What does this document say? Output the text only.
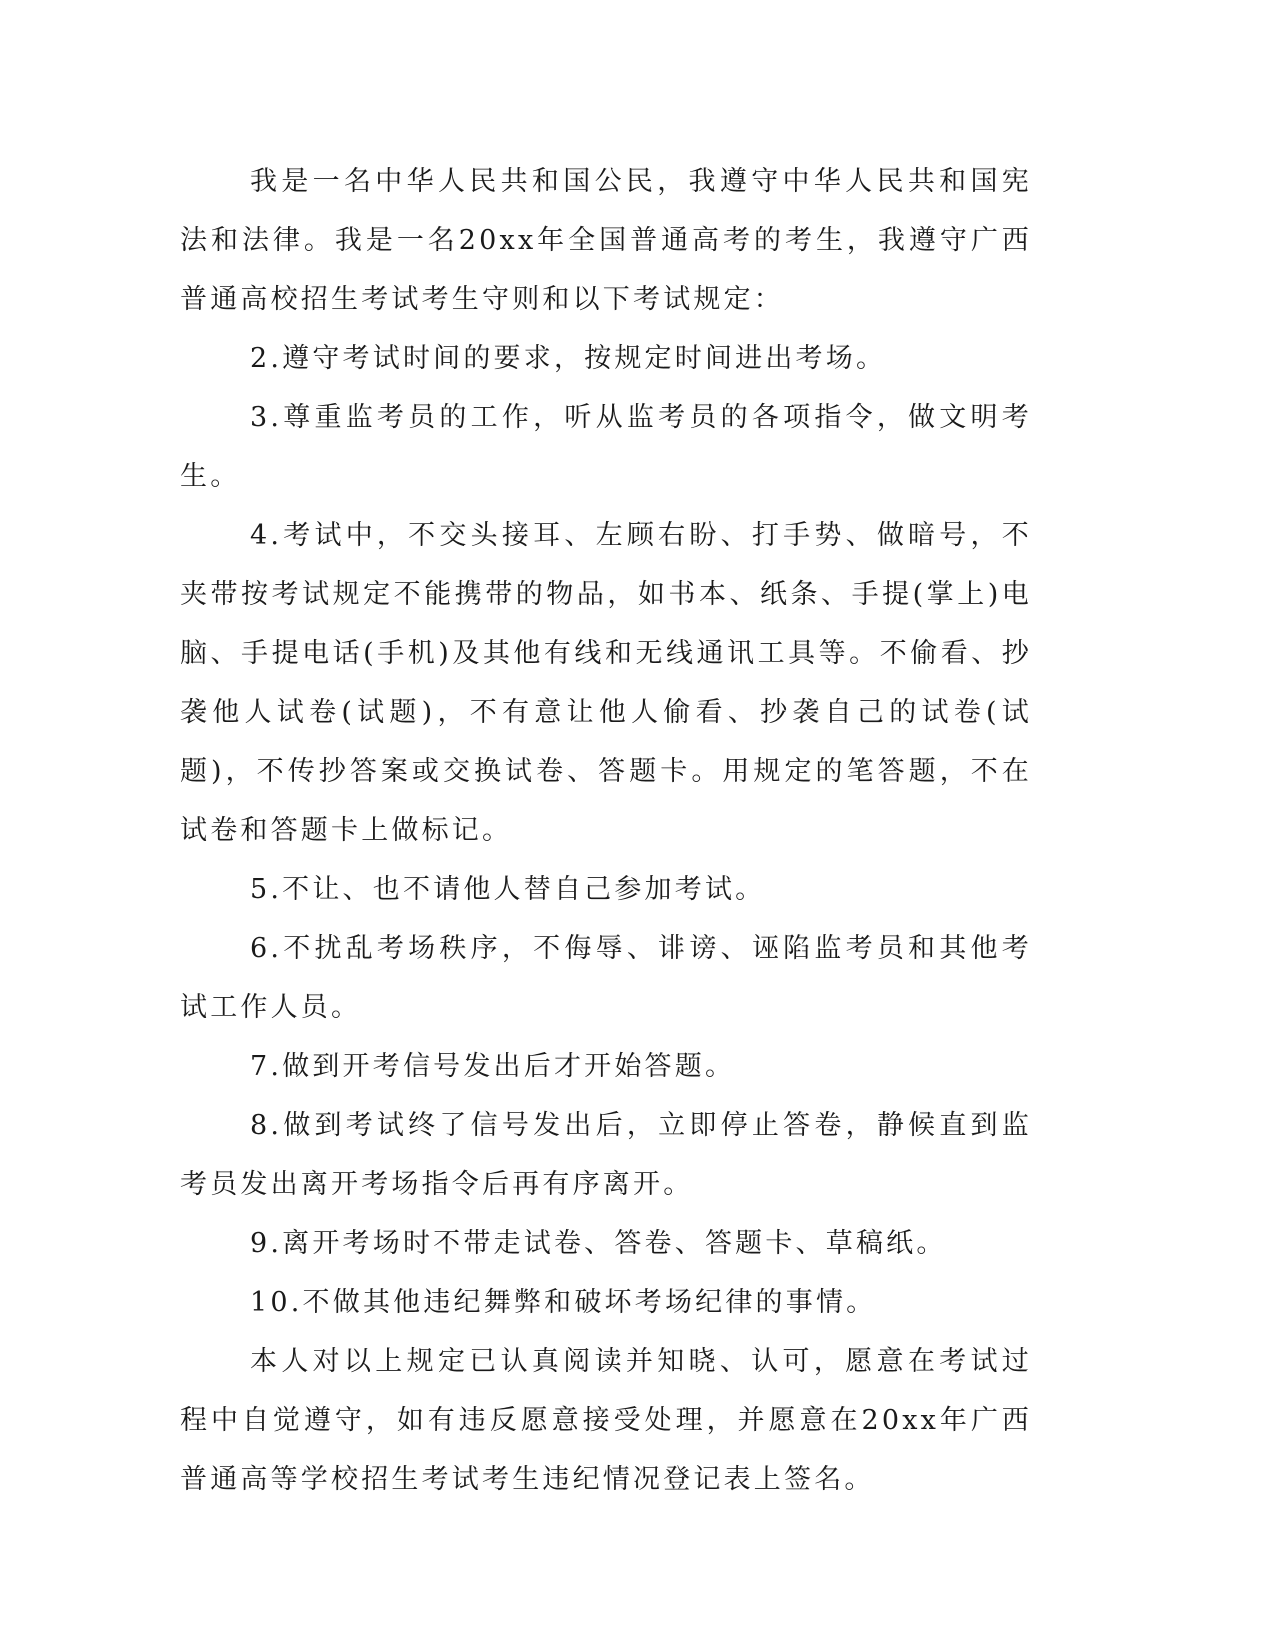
我是一名中华人民共和国公民，我遵守中华人民共和国宪法和法律。我是一名20xx年全国普通高考的考生，我遵守广西普通高校招生考试考生守则和以下考试规定：

2.遵守考试时间的要求，按规定时间进出考场。

3.尊重监考员的工作，听从监考员的各项指令，做文明考生。

4.考试中，不交头接耳、左顾右盼、打手势、做暗号，不夹带按考试规定不能携带的物品，如书本、纸条、手提(掌上)电脑、手提电话(手机)及其他有线和无线通讯工具等。不偷看、抄袭他人试卷(试题)，不有意让他人偷看、抄袭自己的试卷(试题)，不传抄答案或交换试卷、答题卡。用规定的笔答题，不在试卷和答题卡上做标记。

5.不让、也不请他人替自己参加考试。

6.不扰乱考场秩序，不侮辱、诽谤、诬陷监考员和其他考试工作人员。

7.做到开考信号发出后才开始答题。

8.做到考试终了信号发出后，立即停止答卷，静候直到监考员发出离开考场指令后再有序离开。

9.离开考场时不带走试卷、答卷、答题卡、草稿纸。

10.不做其他违纪舞弊和破坏考场纪律的事情。

本人对以上规定已认真阅读并知晓、认可，愿意在考试过程中自觉遵守，如有违反愿意接受处理，并愿意在20xx年广西普通高等学校招生考试考生违纪情况登记表上签名。
